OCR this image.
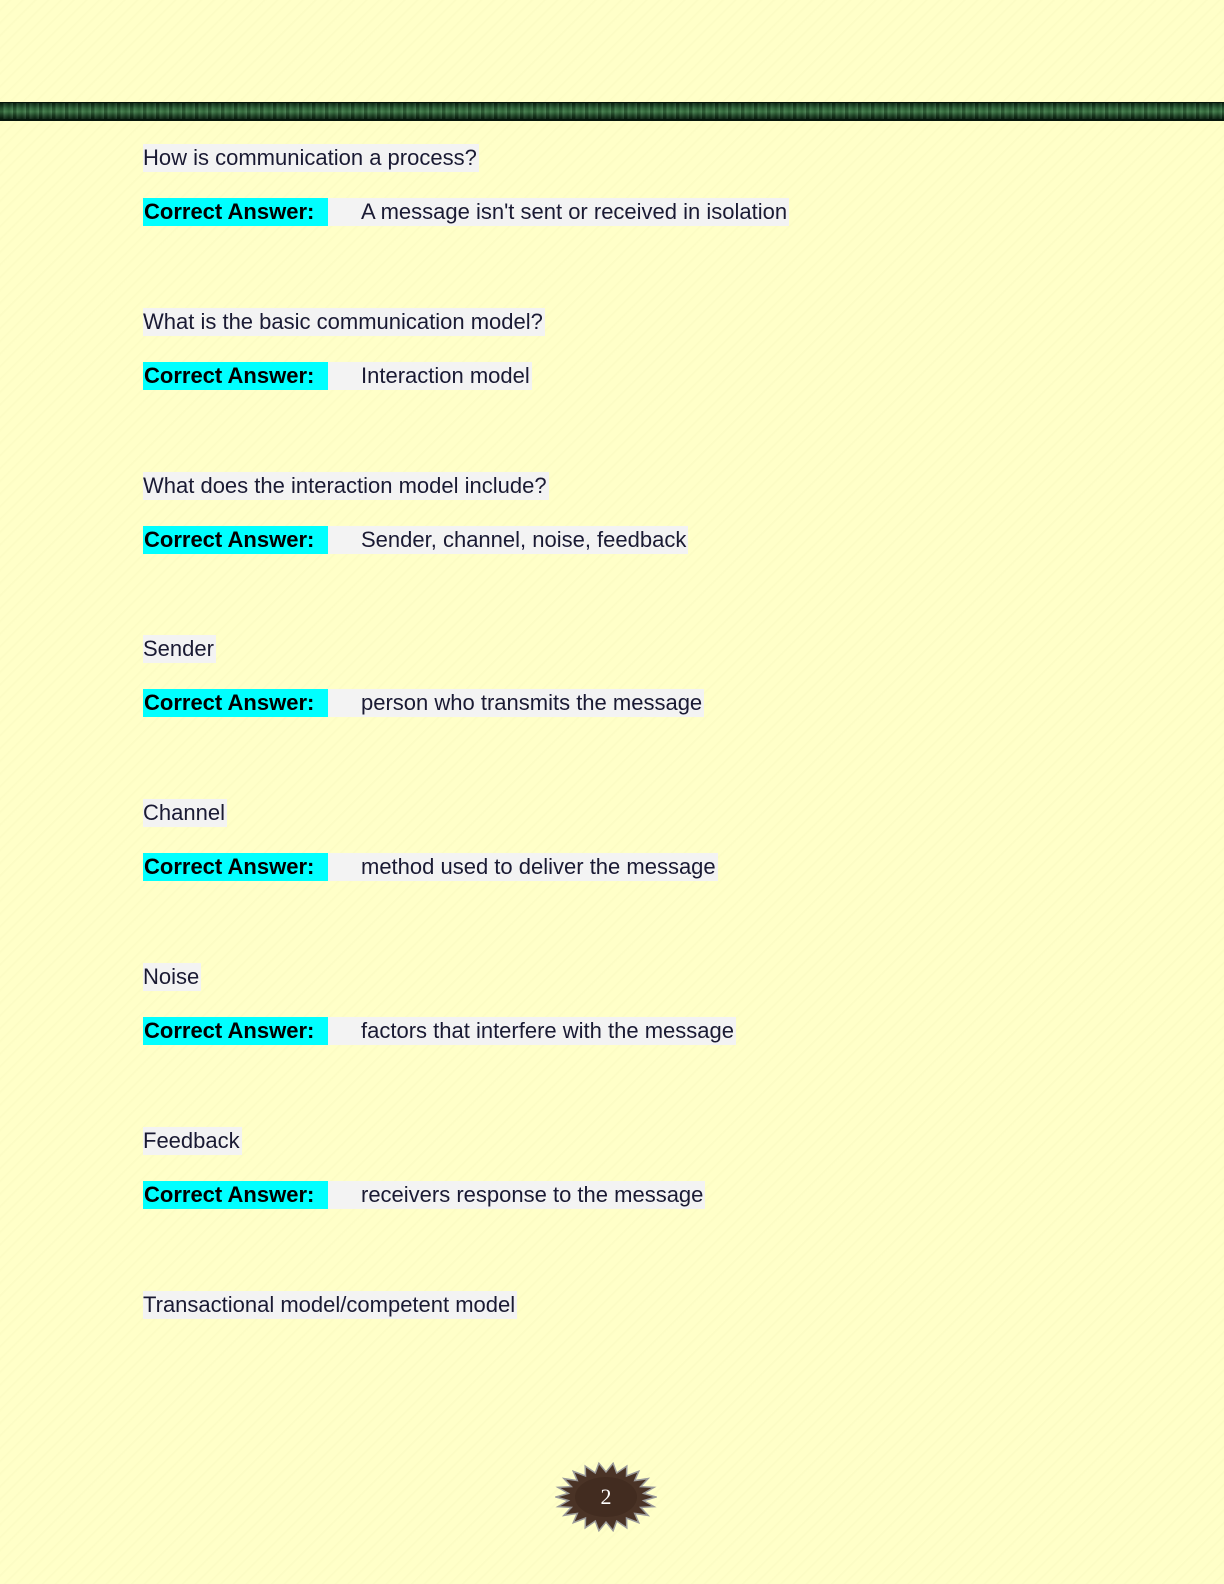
How is communication a process?
Correct Answer: A message isn't sent or received in isolation
What is the basic communication model?
Correct Answer: Interaction model
What does the interaction model include?
Correct Answer: Sender, channel, noise, feedback
Sender
Correct Answer: person who transmits the message
Channel
Correct Answer: method used to deliver the message
Noise
Correct Answer: factors that interfere with the message
Feedback
Correct Answer: receivers response to the message
Transactional model/competent model
2
